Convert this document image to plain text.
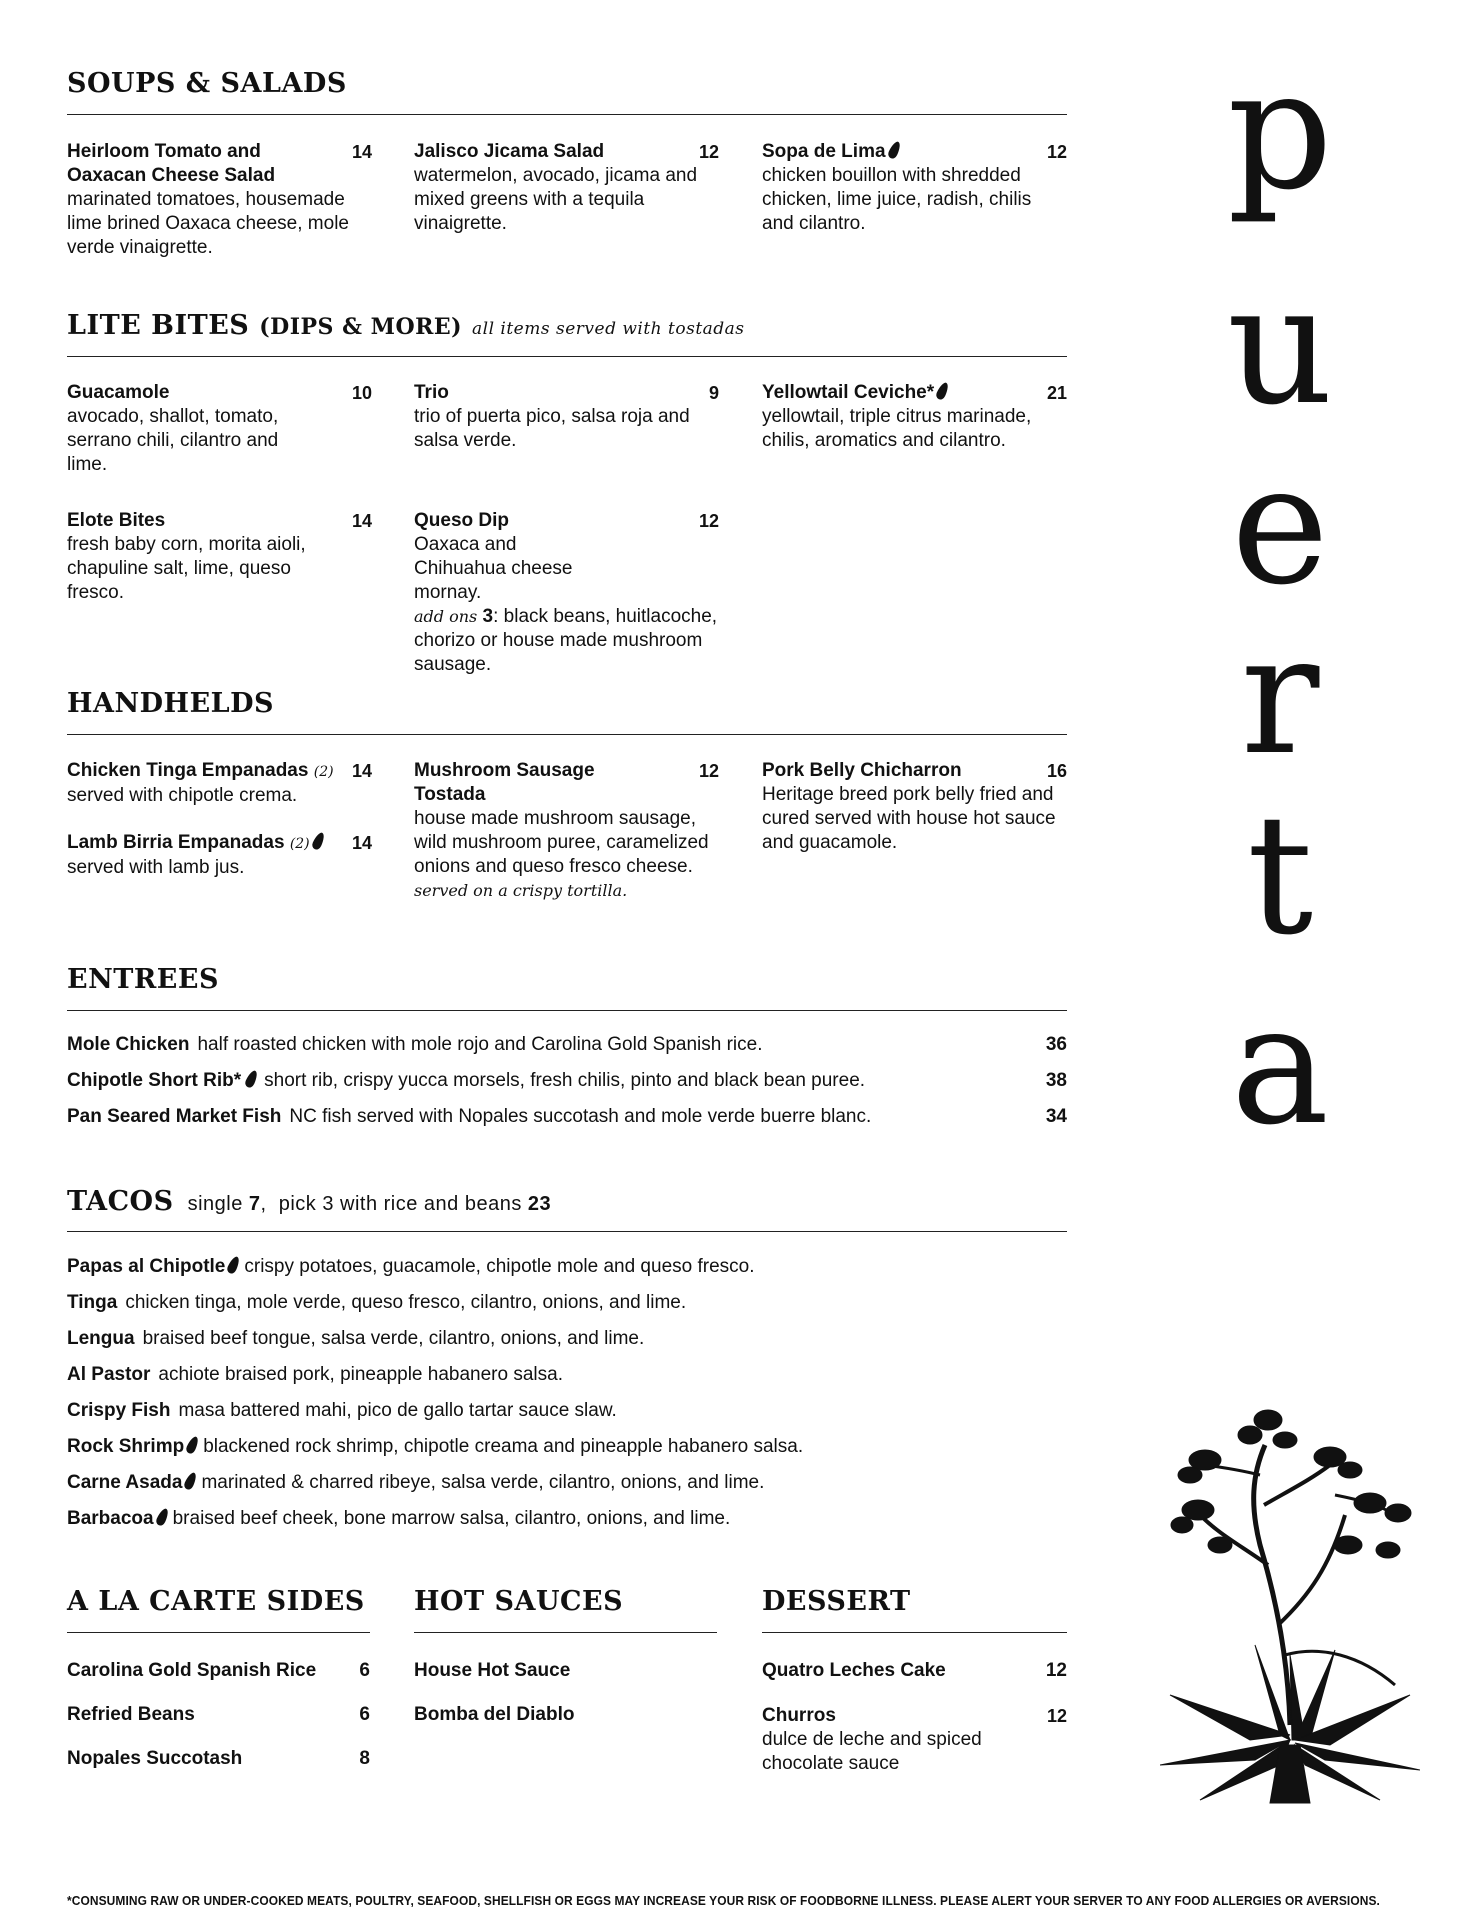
SOUPS & SALADS
Heirloom Tomato and Oaxacan Cheese Salad
14
marinated tomatoes, housemade lime brined Oaxaca cheese, mole verde vinaigrette.
Jalisco Jicama Salad	12
watermelon, avocado, jicama and mixed greens with a tequila vinaigrette.
Sopa de Lima	12
chicken bouillon with shredded chicken, lime juice, radish, chilis and cilantro.
LITE BITES (DIPS & MORE) all items served with tostadas
Guacamole	10
avocado, shallot, tomato, serrano chili, cilantro and lime.
Trio	9
trio of puerta pico, salsa roja and salsa verde.
Yellowtail Ceviche*	21
yellowtail, triple citrus marinade, chilis, aromatics and cilantro.
Elote Bites	14
fresh baby corn, morita aioli, chapuline salt, lime, queso fresco.
Queso Dip	12
Oaxaca and Chihuahua cheese mornay.
add ons 3: black beans, huitlacoche, chorizo or house made mushroom sausage.
HANDHELDS
Chicken Tinga Empanadas (2) 14
served with chipotle crema.
Lamb Birria Empanadas (2)	14
served with lamb jus.
Mushroom Sausage Tostada
12
house made mushroom sausage, wild mushroom puree, caramelized onions and queso fresco cheese.
served on a crispy tortilla.
Pork Belly Chicharron	16
Heritage breed pork belly fried and cured served with house hot sauce and guacamole.
ENTREES
Mole Chicken half roasted chicken with mole rojo and Carolina Gold Spanish rice.	36
Chipotle Short Rib* short rib, crispy yucca morsels, fresh chilis, pinto and black bean puree.	38
Pan Seared Market Fish NC fish served with Nopales succotash and mole verde buerre blanc.	34
TACOS single 7,  pick 3 with rice and beans 23
Papas al Chipotle crispy potatoes, guacamole, chipotle mole and queso fresco.
Tinga chicken tinga, mole verde, queso fresco, cilantro, onions, and lime.
Lengua braised beef tongue, salsa verde, cilantro, onions, and lime.
Al Pastor achiote braised pork, pineapple habanero salsa.
Crispy Fish masa battered mahi, pico de gallo tartar sauce slaw.
Rock Shrimp blackened rock shrimp, chipotle creama and pineapple habanero salsa.
Carne Asada marinated & charred ribeye, salsa verde, cilantro, onions, and lime.
Barbacoa braised beef cheek, bone marrow salsa, cilantro, onions, and lime.
A LA CARTE SIDES HOT SAUCES	DESSERT
Carolina Gold Spanish Rice 6
Refried Beans	6
Nopales Succotash	8
House Hot Sauce
Bomba del Diablo
Quatro Leches Cake	12
Churros	12
dulce de leche and spiced chocolate sauce
p
u
e
r
t
a
*CONSUMING RAW OR UNDER-COOKED MEATS, POULTRY, SEAFOOD, SHELLFISH OR EGGS MAY INCREASE YOUR RISK OF FOODBORNE ILLNESS. PLEASE ALERT YOUR SERVER TO ANY FOOD ALLERGIES OR AVERSIONS.
